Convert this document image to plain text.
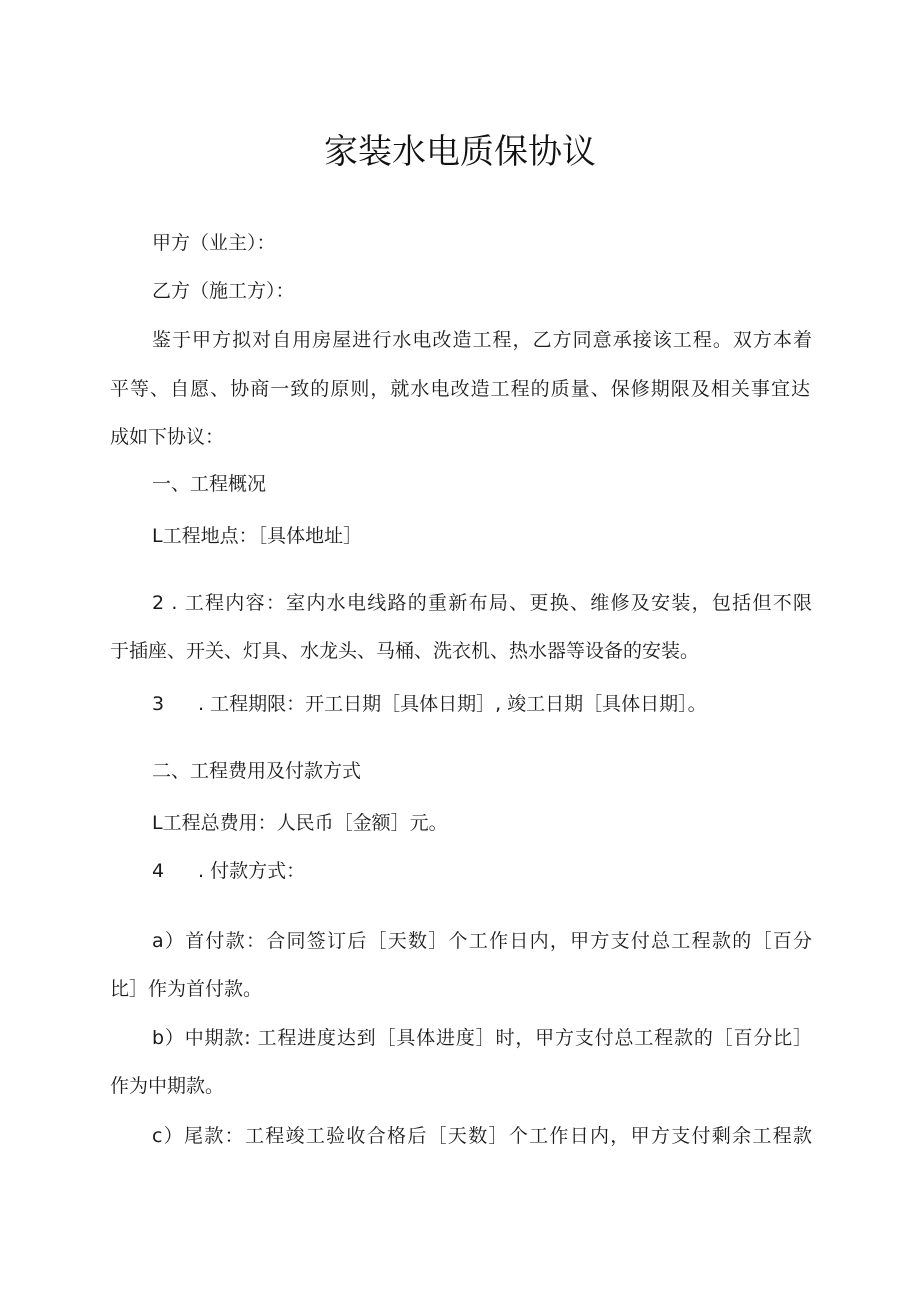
家装水电质保协议
甲方（业主）：
乙方（施工方）：
鉴于甲方拟对自用房屋进行水电改造工程，乙方同意承接该工程。双方本着
平等、自愿、协商一致的原则，就水电改造工程的质量、保修期限及相关事宜达
成如下协议：
一、工程概况
L工程地点：［具体地址］
2 . 工程内容：室内水电线路的重新布局、更换、维修及安装，包括但不限
于插座、开关、灯具、水龙头、马桶、洗衣机、热水器等设备的安装。
3 . 工程期限：开工日期［具体日期］, 竣工日期［具体日期］。
二、工程费用及付款方式
L工程总费用：人民币［金额］元。
4 . 付款方式：
a）首付款：合同签订后［天数］个工作日内，甲方支付总工程款的［百分
比］作为首付款。
b）中期款: 工程进度达到［具体进度］时，甲方支付总工程款的［百分比］
作为中期款。
c）尾款：工程竣工验收合格后［天数］个工作日内，甲方支付剩余工程款
